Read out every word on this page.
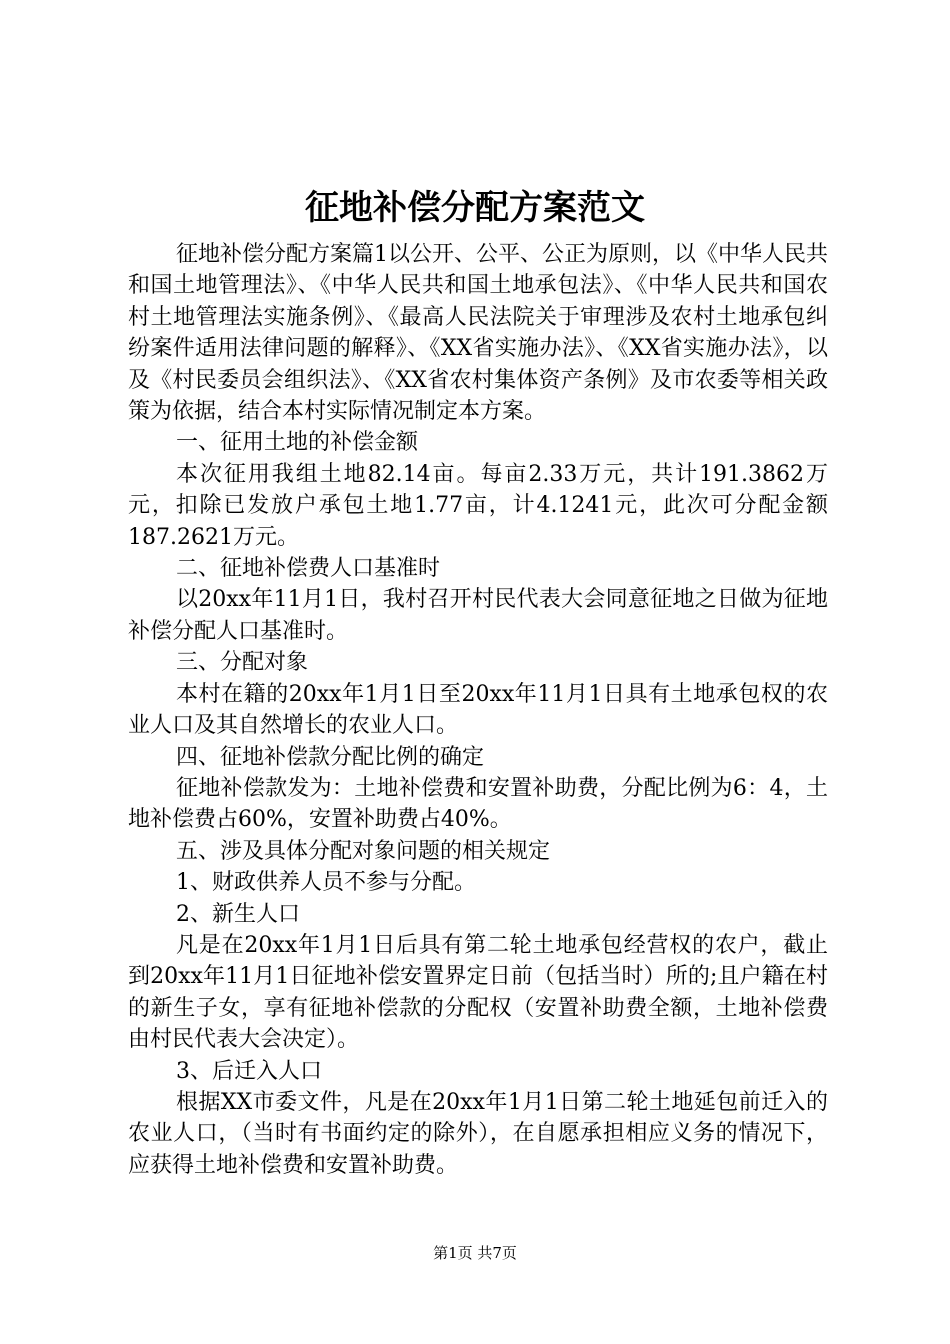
征地补偿分配方案范文

征地补偿分配方案篇1以公开、公平、公正为原则，以《中华人民共和国土地管理法》、《中华人民共和国土地承包法》、《中华人民共和国农村土地管理法实施条例》、《最高人民法院关于审理涉及农村土地承包纠纷案件适用法律问题的解释》、《XX省实施办法》、《XX省实施办法》，以及《村民委员会组织法》、《XX省农村集体资产条例》及市农委等相关政策为依据，结合本村实际情况制定本方案。

一、征用土地的补偿金额

本次征用我组土地82.14亩。每亩2.33万元，共计191.3862万元，扣除已发放户承包土地1.77亩，计4.1241元，此次可分配金额187.2621万元。

二、征地补偿费人口基准时

以20xx年11月1日，我村召开村民代表大会同意征地之日做为征地补偿分配人口基准时。

三、分配对象

本村在籍的20xx年1月1日至20xx年11月1日具有土地承包权的农业人口及其自然增长的农业人口。

四、征地补偿款分配比例的确定

征地补偿款发为：土地补偿费和安置补助费，分配比例为6：4，土地补偿费占60%，安置补助费占40%。

五、涉及具体分配对象问题的相关规定

1、财政供养人员不参与分配。

2、新生人口

凡是在20xx年1月1日后具有第二轮土地承包经营权的农户，截止到20xx年11月1日征地补偿安置界定日前（包括当时）所的;且户籍在村的新生子女，享有征地补偿款的分配权（安置补助费全额，土地补偿费由村民代表大会决定）。

3、后迁入人口

根据XX市委文件，凡是在20xx年1月1日第二轮土地延包前迁入的农业人口，（当时有书面约定的除外），在自愿承担相应义务的情况下，应获得土地补偿费和安置补助费。

第1页 共7页
